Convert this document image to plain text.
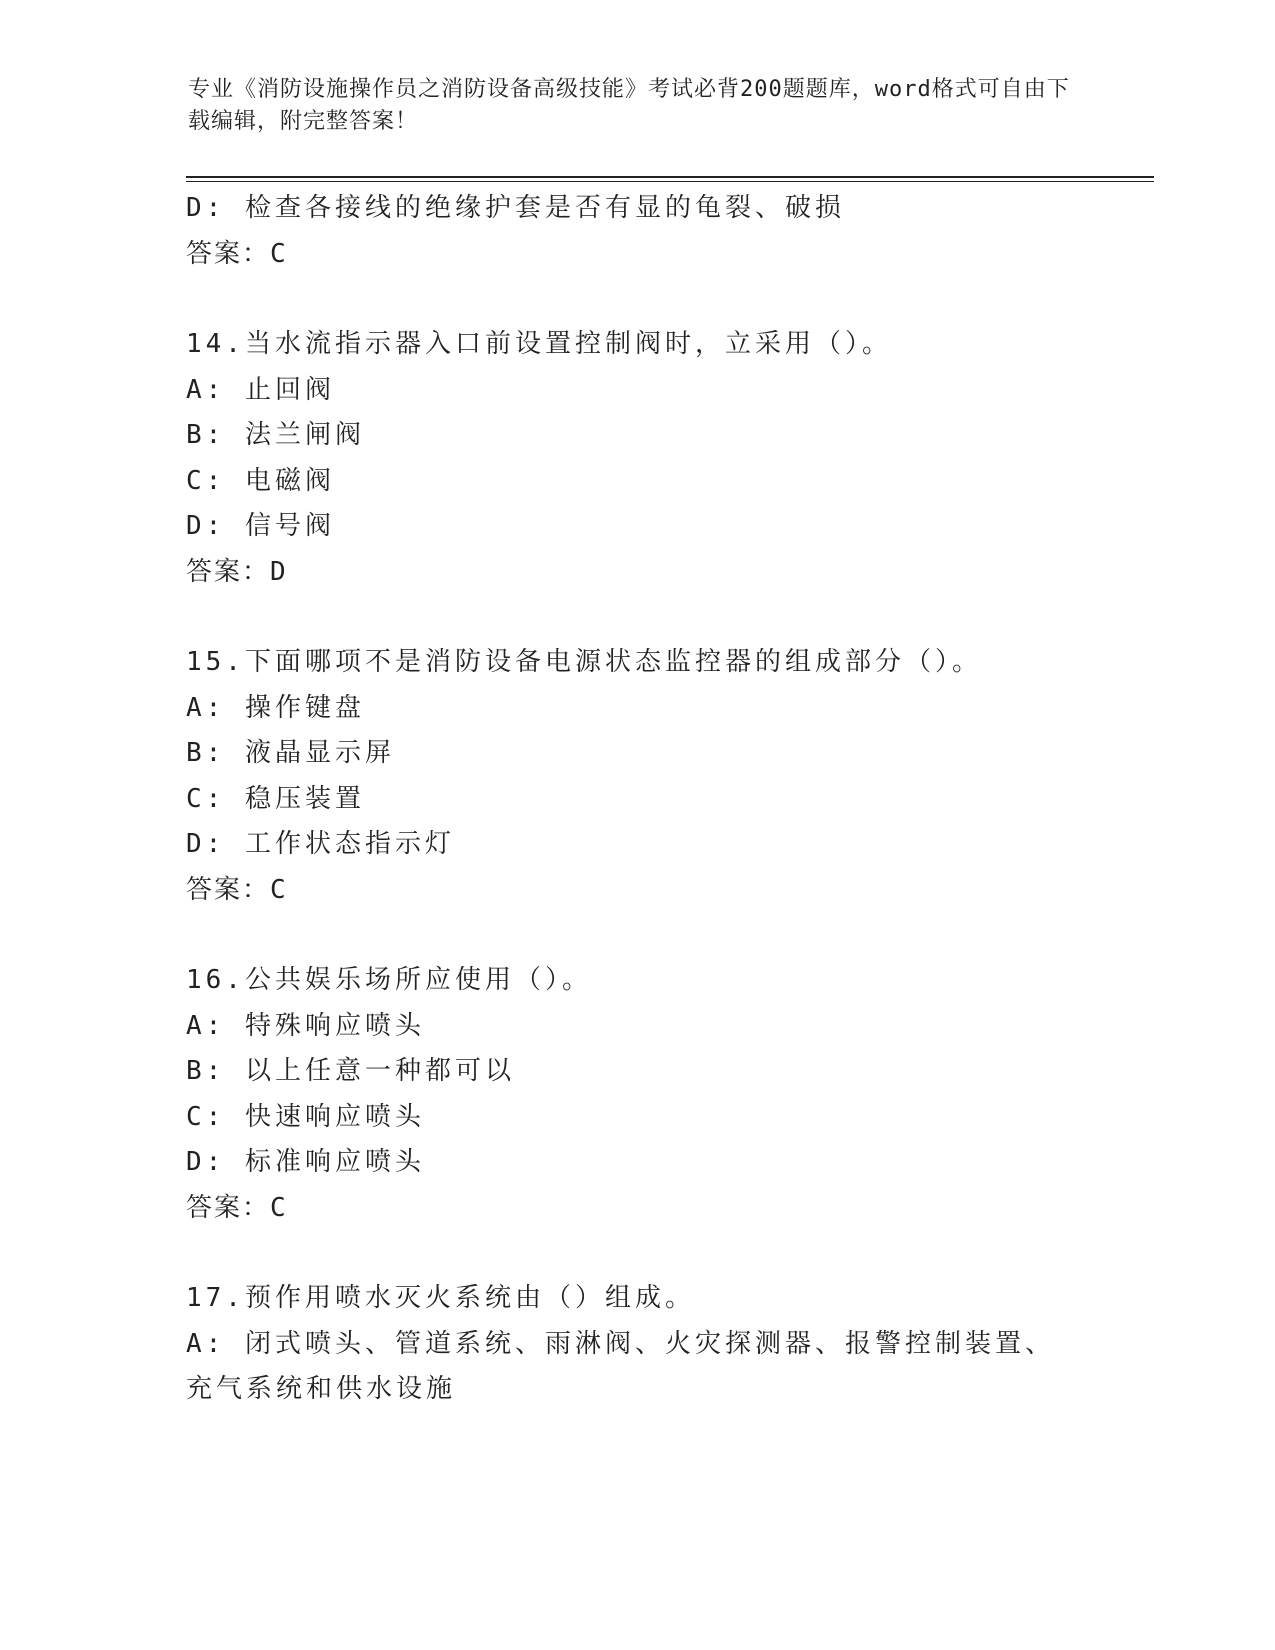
专业《消防设施操作员之消防设备高级技能》考试必背200题题库，word格式可自由下载编辑，附完整答案！
D: 检查各接线的绝缘护套是否有显的龟裂、破损
答案：C
14.当水流指示器入口前设置控制阀时，立采用（）。
A: 止回阀
B: 法兰闸阀
C: 电磁阀
D: 信号阀
答案：D
15.下面哪项不是消防设备电源状态监控器的组成部分（）。
A: 操作键盘
B: 液晶显示屏
C: 稳压装置
D: 工作状态指示灯
答案：C
16.公共娱乐场所应使用（）。
A: 特殊响应喷头
B: 以上任意一种都可以
C: 快速响应喷头
D: 标准响应喷头
答案：C
17.预作用喷水灭火系统由（）组成。
A: 闭式喷头、管道系统、雨淋阀、火灾探测器、报警控制装置、充气系统和供水设施
